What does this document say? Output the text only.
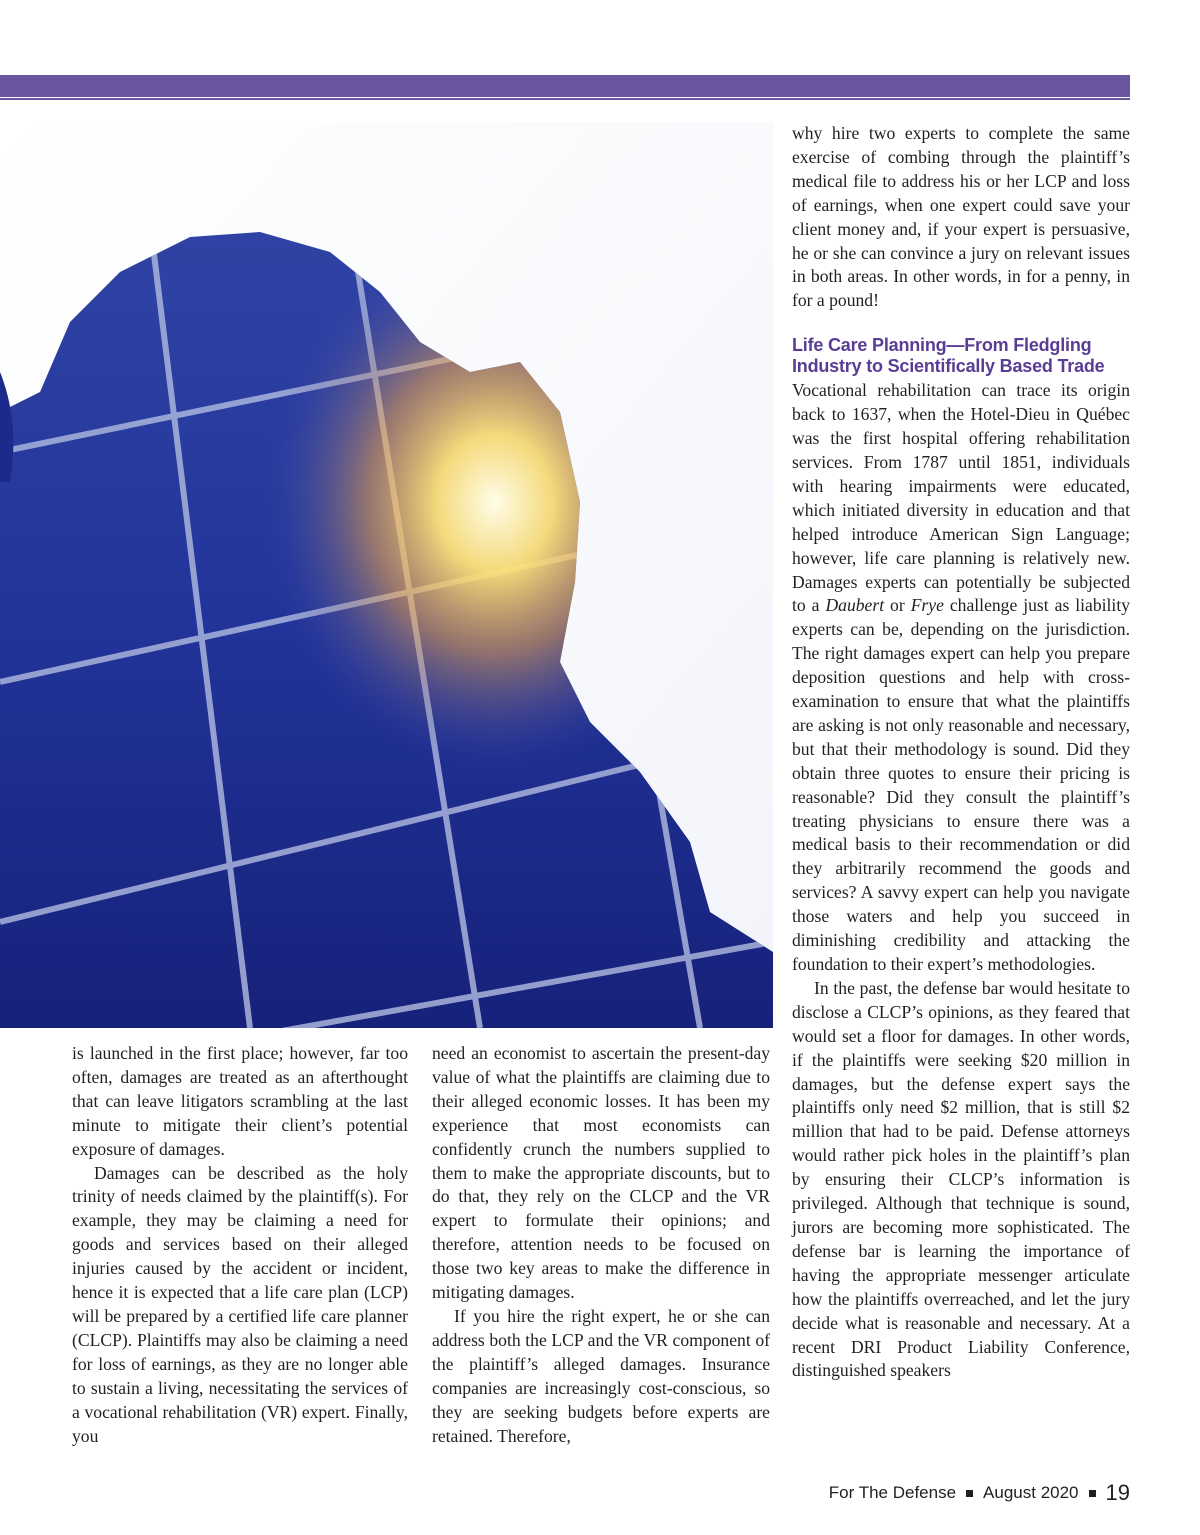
why hire two experts to complete the same exercise of combing through the plaintiff’s medical file to address his or her LCP and loss of earnings, when one expert could save your client money and, if your expert is persuasive, he or she can convince a jury on relevant issues in both areas. In other words, in for a penny, in for a pound!

Life Care Planning—From Fledgling
Industry to Scientifically Based Trade

Vocational rehabilitation can trace its origin back to 1637, when the Hotel-Dieu in Québec was the first hospital offering rehabilitation services. From 1787 until 1851, individuals with hearing impairments were educated, which initiated diversity in education and that helped introduce American Sign Language; however, life care planning is relatively new. Damages experts can potentially be subjected to a Daubert or Frye challenge just as liability experts can be, depending on the jurisdiction. The right damages expert can help you prepare deposition questions and help with cross-examination to ensure that what the plaintiffs are asking is not only reasonable and necessary, but that their methodology is sound. Did they obtain three quotes to ensure their pricing is reasonable? Did they consult the plaintiff’s treating physicians to ensure there was a medical basis to their recommendation or did they arbitrarily recommend the goods and services? A savvy expert can help you navigate those waters and help you succeed in diminishing credibility and attacking the foundation to their expert’s methodologies.

In the past, the defense bar would hesitate to disclose a CLCP’s opinions, as they feared that would set a floor for damages. In other words, if the plaintiffs were seeking $20 million in damages, but the defense expert says the plaintiffs only need $2 million, that is still $2 million that had to be paid. Defense attorneys would rather pick holes in the plaintiff’s plan by ensuring their CLCP’s information is privileged. Although that technique is sound, jurors are becoming more sophisticated. The defense bar is learning the importance of having the appropriate messenger articulate how the plaintiffs overreached, and let the jury decide what is reasonable and necessary. At a recent DRI Product Liability Conference, distinguished speakers

is launched in the first place; however, far too often, damages are treated as an afterthought that can leave litigators scrambling at the last minute to mitigate their client’s potential exposure of damages.

Damages can be described as the holy trinity of needs claimed by the plaintiff(s). For example, they may be claiming a need for goods and services based on their alleged injuries caused by the accident or incident, hence it is expected that a life care plan (LCP) will be prepared by a certified life care planner (CLCP). Plaintiffs may also be claiming a need for loss of earnings, as they are no longer able to sustain a living, necessitating the services of a vocational rehabilitation (VR) expert. Finally, you

need an economist to ascertain the present-day value of what the plaintiffs are claiming due to their alleged economic losses. It has been my experience that most economists can confidently crunch the numbers supplied to them to make the appropriate discounts, but to do that, they rely on the CLCP and the VR expert to formulate their opinions; and therefore, attention needs to be focused on those two key areas to make the difference in mitigating damages.

If you hire the right expert, he or she can address both the LCP and the VR component of the plaintiff’s alleged damages. Insurance companies are increasingly cost-conscious, so they are seeking budgets before experts are retained. Therefore,

For The Defense August 2020 19
